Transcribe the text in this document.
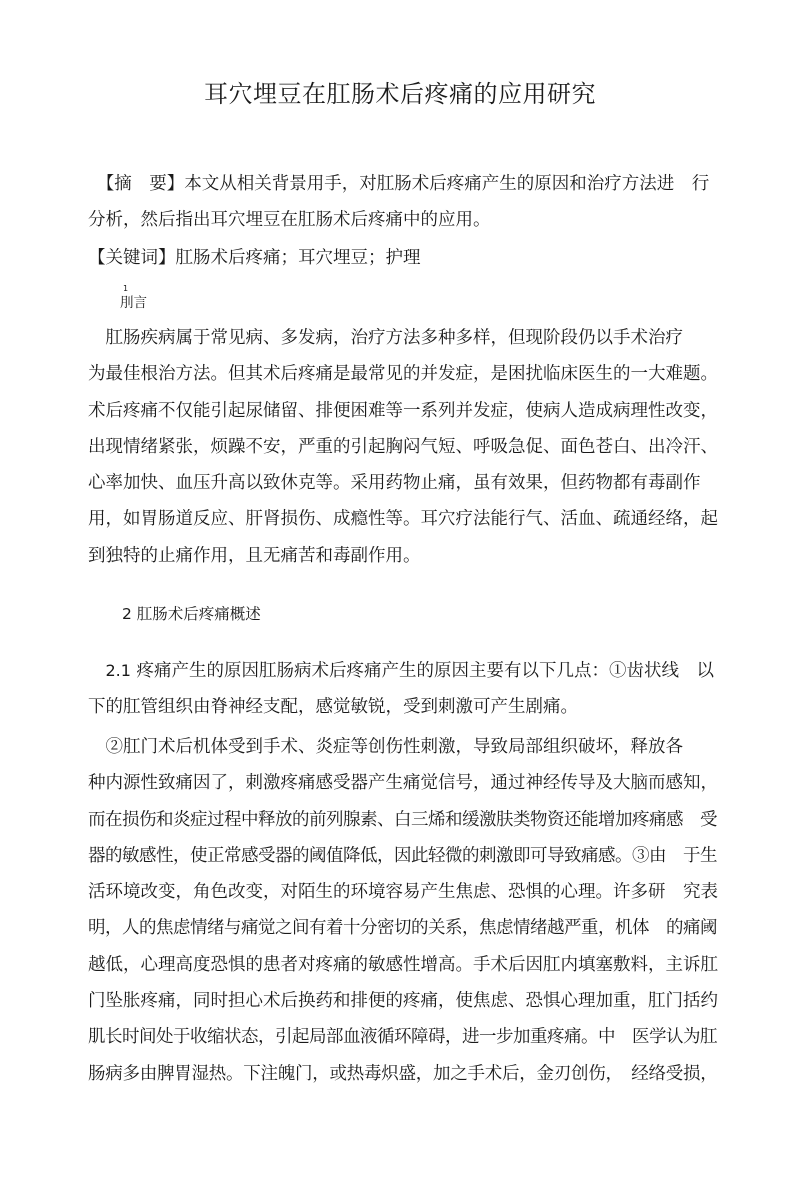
耳穴埋豆在肛肠术后疼痛的应用研究
　【摘　要】本文从相关背景用手，对肛肠术后疼痛产生的原因和治疗方法进　行
分析，然后指出耳穴埋豆在肛肠术后疼痛中的应用。
【关键词】肛肠术后疼痛；耳穴埋豆；护理
1
刖言
　肛肠疾病属于常见病、多发病，治疗方法多种多样，但现阶段仍以手术治疗
为最佳根治方法。但其术后疼痛是最常见的并发症，是困扰临床医生的一大难题。
术后疼痛不仅能引起尿储留、排便困难等一系列并发症，使病人造成病理性改变，
出现情绪紧张，烦躁不安，严重的引起胸闷气短、呼吸急促、面色苍白、出冷汗、
心率加快、血压升高以致休克等。采用药物止痛，虽有效果，但药物都有毒副作
用，如胃肠道反应、肝肾损伤、成瘾性等。耳穴疗法能行气、活血、疏通经络，起
到独特的止痛作用，且无痛苦和毒副作用。
2 肛肠术后疼痛概述
　2.1 疼痛产生的原因肛肠病术后疼痛产生的原因主要有以下几点：①齿状线　以
下的肛管组织由脊神经支配，感觉敏锐，受到刺激可产生剧痛。
　②肛门术后机体受到手术、炎症等创伤性刺激，导致局部组织破坏，释放各
种内源性致痛因了，刺激疼痛感受器产生痛觉信号，通过神经传导及大脑而感知，
而在损伤和炎症过程中释放的前列腺素、白三烯和缓激肤类物资还能增加疼痛感　受
器的敏感性，使正常感受器的阈值降低，因此轻微的刺激即可导致痛感。③由　于生
活环境改变，角色改变，对陌生的环境容易产生焦虑、恐惧的心理。许多研　究表
明，人的焦虑情绪与痛觉之间有着十分密切的关系，焦虑情绪越严重，机体　的痛阈
越低，心理高度恐惧的患者对疼痛的敏感性增高。手术后因肛内填塞敷料，主诉肛
门坠胀疼痛，同时担心术后换药和排便的疼痛，使焦虑、恐惧心理加重，肛门括约
肌长时间处于收缩状态，引起局部血液循环障碍，进一步加重疼痛。中　医学认为肛
肠病多由脾胃湿热。下注魄门，或热毒炽盛，加之手术后，金刃创伤，　经络受损，
